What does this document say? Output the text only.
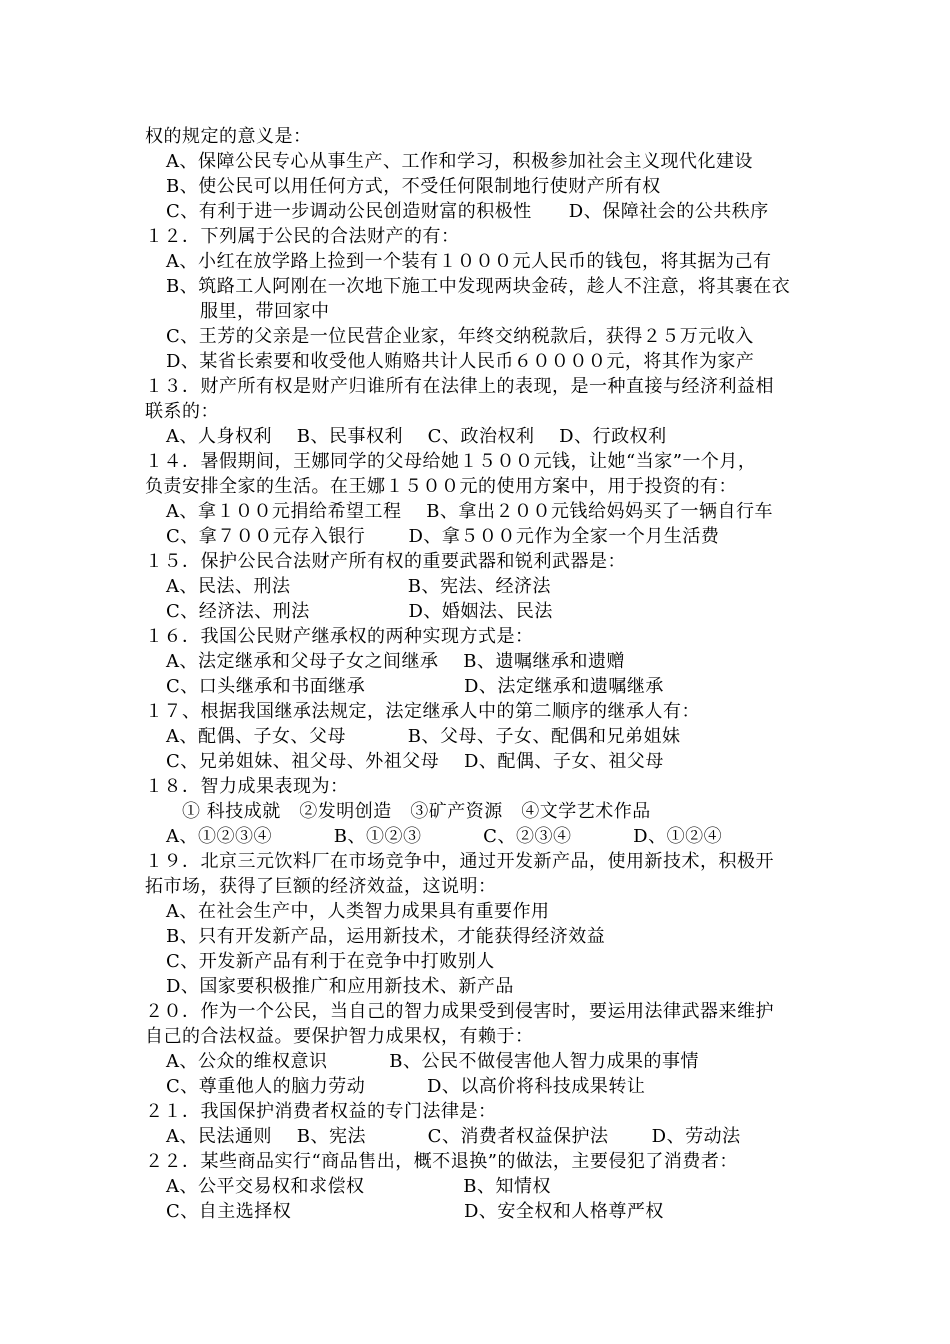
权的规定的意义是：
A、保障公民专心从事生产、工作和学习，积极参加社会主义现代化建设
B、使公民可以用任何方式，不受任何限制地行使财产所有权
C、有利于进一步调动公民创造财富的积极性　　D、保障社会的公共秩序
１２．下列属于公民的合法财产的有：
A、小红在放学路上捡到一个装有１０００元人民币的钱包，将其据为己有
B、筑路工人阿刚在一次地下施工中发现两块金砖，趁人不注意，将其裹在衣
服里，带回家中
C、王芳的父亲是一位民营企业家，年终交纳税款后，获得２５万元收入
D、某省长索要和收受他人贿赂共计人民币６００００元，将其作为家产
１３．财产所有权是财产归谁所有在法律上的表现，是一种直接与经济利益相
联系的：
A、人身权利　 B、民事权利　 C、政治权利　 D、行政权利
１４．暑假期间，王娜同学的父母给她１５００元钱，让她“当家”一个月，
负责安排全家的生活。在王娜１５００元的使用方案中，用于投资的有：
A、拿１００元捐给希望工程　 B、拿出２００元钱给妈妈买了一辆自行车
C、拿７００元存入银行　　 D、拿５００元作为全家一个月生活费
１５．保护公民合法财产所有权的重要武器和锐利武器是：
A、民法、刑法　　　　　　 B、宪法、经济法
C、经济法、刑法　　　　　 D、婚姻法、民法
１６．我国公民财产继承权的两种实现方式是：
A、法定继承和父母子女之间继承　 B、遗嘱继承和遗赠
C、口头继承和书面继承　　　　　 D、法定继承和遗嘱继承
１７、根据我国继承法规定，法定继承人中的第二顺序的继承人有：
A、配偶、子女、父母　　　 B、父母、子女、配偶和兄弟姐妹
C、兄弟姐妹、祖父母、外祖父母　 D、配偶、子女、祖父母
１８．智力成果表现为：
① 科技成就　②发明创造　③矿产资源　④文学艺术作品
A、①②③④　　　 B、①②③　　　 C、②③④　　　 D、①②④
１９．北京三元饮料厂在市场竞争中，通过开发新产品，使用新技术，积极开
拓市场，获得了巨额的经济效益，这说明：
A、在社会生产中，人类智力成果具有重要作用
B、只有开发新产品，运用新技术，才能获得经济效益
C、开发新产品有利于在竞争中打败别人
D、国家要积极推广和应用新技术、新产品
２０．作为一个公民，当自己的智力成果受到侵害时，要运用法律武器来维护
自己的合法权益。要保护智力成果权，有赖于：
A、公众的维权意识　　　 B、公民不做侵害他人智力成果的事情
C、尊重他人的脑力劳动　　　 D、以高价将科技成果转让
２１．我国保护消费者权益的专门法律是：
A、民法通则　 B、宪法　　　 C、消费者权益保护法　　 D、劳动法
２２．某些商品实行“商品售出，概不退换”的做法，主要侵犯了消费者：
A、公平交易权和求偿权　　　　　 B、知情权
C、自主选择权　　　　　　　　　 D、安全权和人格尊严权
